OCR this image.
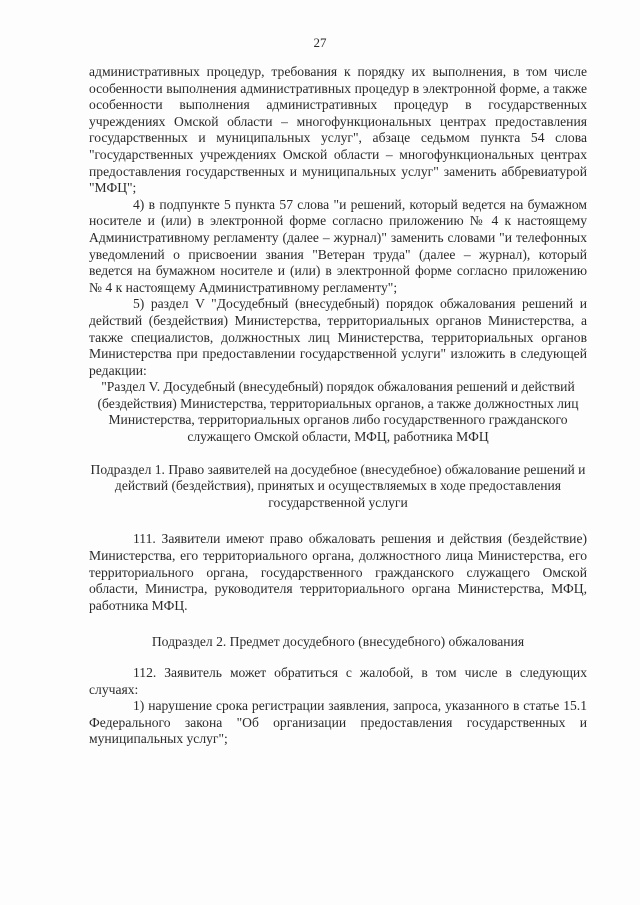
27

административных процедур, требования к порядку их выполнения, в том числе особенности выполнения административных процедур в электронной форме, а также особенности выполнения административных процедур в государственных учреждениях Омской области – многофункциональных центрах предоставления государственных и муниципальных услуг", абзаце седьмом пункта 54 слова "государственных учреждениях Омской области – многофункциональных центрах предоставления государственных и муниципальных услуг" заменить аббревиатурой "МФЦ";

4) в подпункте 5 пункта 57 слова "и решений, который ведется на бумажном носителе и (или) в электронной форме согласно приложению № 4 к настоящему Административному регламенту (далее – журнал)" заменить словами "и телефонных уведомлений о присвоении звания "Ветеран труда" (далее – журнал), который ведется на бумажном носителе и (или) в электронной форме согласно приложению № 4 к настоящему Административному регламенту";

5) раздел V "Досудебный (внесудебный) порядок обжалования решений и действий (бездействия) Министерства, территориальных органов Министерства, а также специалистов, должностных лиц Министерства, территориальных органов Министерства при предоставлении государственной услуги" изложить в следующей редакции:

"Раздел V. Досудебный (внесудебный) порядок обжалования решений и действий (бездействия) Министерства, территориальных органов, а также должностных лиц Министерства, территориальных органов либо государственного гражданского служащего Омской области, МФЦ, работника МФЦ

Подраздел 1. Право заявителей на досудебное (внесудебное) обжалование решений и действий (бездействия), принятых и осуществляемых в ходе предоставления государственной услуги

111. Заявители имеют право обжаловать решения и действия (бездействие) Министерства, его территориального органа, должностного лица Министерства, его территориального органа, государственного гражданского служащего Омской области, Министра, руководителя территориального органа Министерства, МФЦ, работника МФЦ.

Подраздел 2. Предмет досудебного (внесудебного) обжалования

112. Заявитель может обратиться с жалобой, в том числе в следующих случаях:

1) нарушение срока регистрации заявления, запроса, указанного в статье 15.1 Федерального закона "Об организации предоставления государственных и муниципальных услуг";
